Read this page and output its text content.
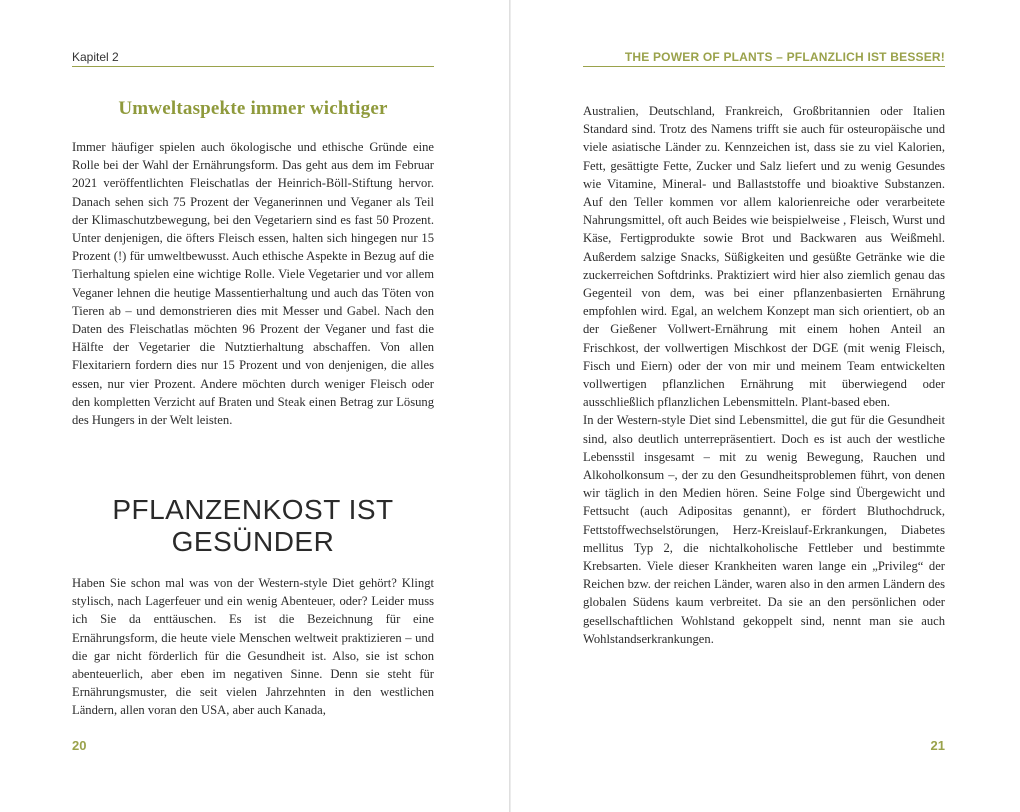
Kapitel 2
Umweltaspekte immer wichtiger

Immer häufiger spielen auch ökologische und ethische Gründe eine Rolle bei der Wahl der Ernährungsform. Das geht aus dem im Februar 2021 veröffentlichten Fleischatlas der Heinrich-Böll-Stiftung hervor. Danach sehen sich 75 Prozent der Veganerinnen und Veganer als Teil der Klimaschutzbewegung, bei den Vegetariern sind es fast 50 Prozent. Unter denjenigen, die öfters Fleisch essen, halten sich hingegen nur 15 Prozent (!) für umweltbewusst. Auch ethische Aspekte in Bezug auf die Tierhaltung spielen eine wichtige Rolle. Viele Vegetarier und vor allem Veganer lehnen die heutige Massentierhaltung und auch das Töten von Tieren ab – und demonstrieren dies mit Messer und Gabel. Nach den Daten des Fleischatlas möchten 96 Prozent der Veganer und fast die Hälfte der Vegetarier die Nutztierhaltung abschaffen. Von allen Flexitariern fordern dies nur 15 Prozent und von denjenigen, die alles essen, nur vier Prozent. Andere möchten durch weniger Fleisch oder den kompletten Verzicht auf Braten und Steak einen Betrag zur Lösung des Hungers in der Welt leisten.

PFLANZENKOST IST
GESÜNDER

Haben Sie schon mal was von der Western-style Diet gehört? Klingt stylisch, nach Lagerfeuer und ein wenig Abenteuer, oder? Leider muss ich Sie da enttäuschen. Es ist die Bezeichnung für eine Ernährungsform, die heute viele Menschen weltweit praktizieren – und die gar nicht förderlich für die Gesundheit ist. Also, sie ist schon abenteuerlich, aber eben im negativen Sinne. Denn sie steht für Ernährungsmuster, die seit vielen Jahrzehnten in den westlichen Ländern, allen voran den USA, aber auch Kanada,

20
THE POWER OF PLANTS – PFLANZLICH IST BESSER!

Australien, Deutschland, Frankreich, Großbritannien oder Italien Standard sind. Trotz des Namens trifft sie auch für osteuropäische und viele asiatische Länder zu. Kennzeichen ist, dass sie zu viel Kalorien, Fett, gesättigte Fette, Zucker und Salz liefert und zu wenig Gesundes wie Vitamine, Mineral- und Ballaststoffe und bioaktive Substanzen. Auf den Teller kommen vor allem kalorienreiche oder verarbeitete Nahrungsmittel, oft auch Beides wie beispielweise , Fleisch, Wurst und Käse, Fertigprodukte sowie Brot und Backwaren aus Weißmehl. Außerdem salzige Snacks, Süßigkeiten und gesüßte Getränke wie die zuckerreichen Softdrinks. Praktiziert wird hier also ziemlich genau das Gegenteil von dem, was bei einer pflanzenbasierten Ernährung empfohlen wird. Egal, an welchem Konzept man sich orientiert, ob an der Gießener Vollwert-Ernährung mit einem hohen Anteil an Frischkost, der vollwertigen Mischkost der DGE (mit wenig Fleisch, Fisch und Eiern) oder der von mir und meinem Team entwickelten vollwertigen pflanzlichen Ernährung mit überwiegend oder ausschließlich pflanzlichen Lebensmitteln. Plant-based eben.

In der Western-style Diet sind Lebensmittel, die gut für die Gesundheit sind, also deutlich unterrepräsentiert. Doch es ist auch der westliche Lebensstil insgesamt – mit zu wenig Bewegung, Rauchen und Alkoholkonsum –, der zu den Gesundheitsproblemen führt, von denen wir täglich in den Medien hören. Seine Folge sind Übergewicht und Fettsucht (auch Adipositas genannt), er fördert Bluthochdruck, Fettstoffwechselstörungen, Herz-Kreislauf-Erkrankungen, Diabetes mellitus Typ 2, die nichtalkoholische Fettleber und bestimmte Krebsarten. Viele dieser Krankheiten waren lange ein „Privileg“ der Reichen bzw. der reichen Länder, waren also in den armen Ländern des globalen Südens kaum verbreitet. Da sie an den persönlichen oder gesellschaftlichen Wohlstand gekoppelt sind, nennt man sie auch Wohlstandserkrankungen.

21
